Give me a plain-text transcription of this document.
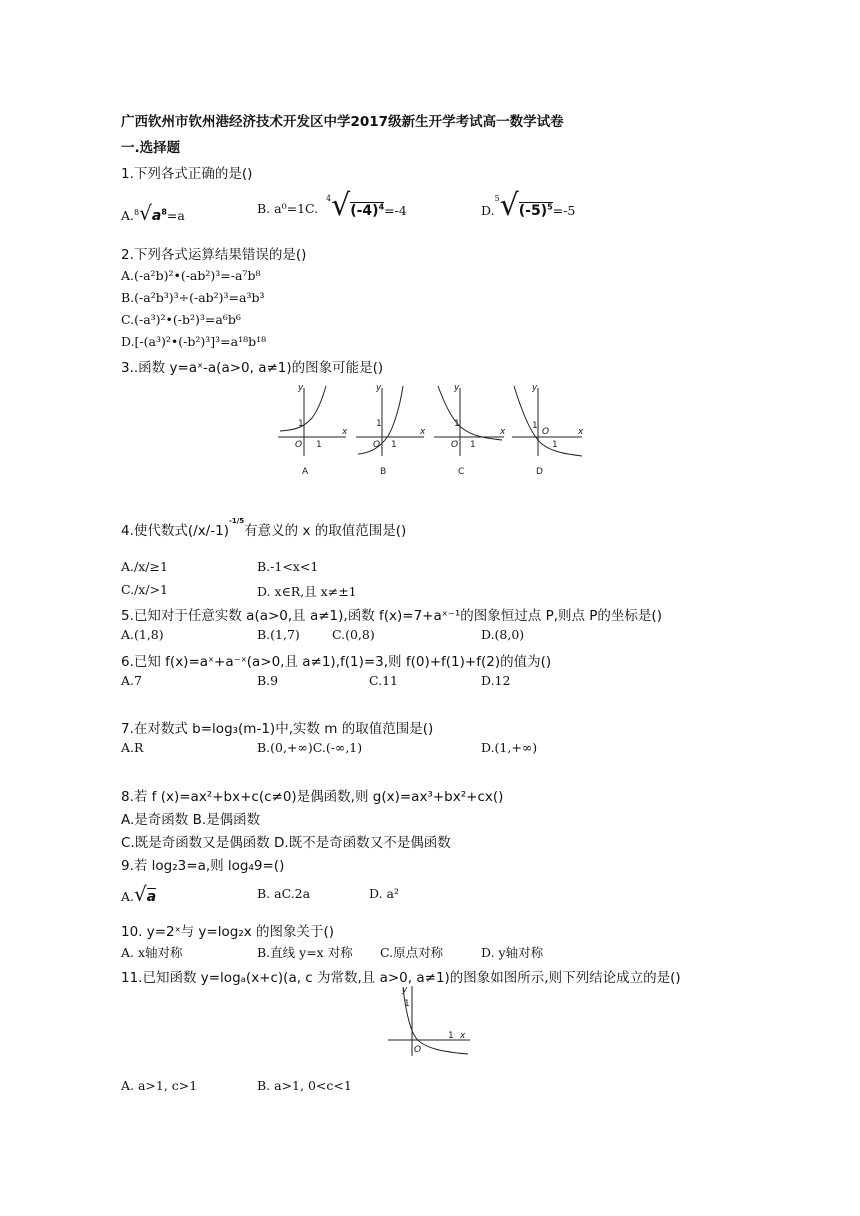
广西钦州市钦州港经济技术开发区中学2017级新生开学考试高一数学试卷
一.选择题
1.下列各式正确的是()
$A.^8√a^8=a$	B. a⁰=1C.
$^4√(-4)^4=-4$	$D.^5√(-5)^5=-5$
2.下列各式运算结果错误的是()
A.(-a²b)²•(-ab²)³=-a⁷b⁸
B.(-a²b³)³÷(-ab²)³=a³b³
C.(-a³)²•(-b²)³=a⁶b⁶
D.[-(a³)²•(-b²)³]³=a¹⁸b¹⁸
3..函数 y=aˣ-a(a>0, a≠1)的图象可能是()
y
x
1
O 1
A
y
x
1
O 1
B
y
x
1
O 1
C
y
x
1
O
1
D
4.使代数式$(/x/-1)^{-1/5}$有意义的 x 的取值范围是()
A./x/≥1	B.-1<x<1
C./x/>1	D. x∈R,且 x≠±1
5.已知对于任意实数 a(a>0,且 a≠1),函数 f(x)=7+aˣ⁻¹的图象恒过点 P,则点 P的坐标是()
A.(1,8)	B.(1,7)	C.(0,8)	D.(8,0)
6.已知 f(x)=aˣ+a⁻ˣ(a>0,且 a≠1),f(1)=3,则 f(0)+f(1)+f(2)的值为()
A.7	B.9	C.11	D.12
7.在对数式 b=log₃(m-1)中,实数 m 的取值范围是()
A.R	B.(0,+∞)C.(-∞,1)	D.(1,+∞)
8.若 f (x)=ax²+bx+c(c≠0)是偶函数,则 g(x)=ax³+bx²+cx()
A.是奇函数 B.是偶函数
C.既是奇函数又是偶函数 D.既不是奇函数又不是偶函数
9.若 log₂3=a,则 log₄9=()
A.√a	B. aC.2a	D. a²
10. y=2ˣ与 y=log₂x 的图象关于()
A. x轴对称	B.直线 y=x 对称 C.原点对称	D. y轴对称
11.已知函数 y=logₐ(x+c)(a, c 为常数,且 a>0, a≠1)的图象如图所示,则下列结论成立的是()
y
1
O
1 x
A. a>1, c>1	B. a>1, 0<c<1
